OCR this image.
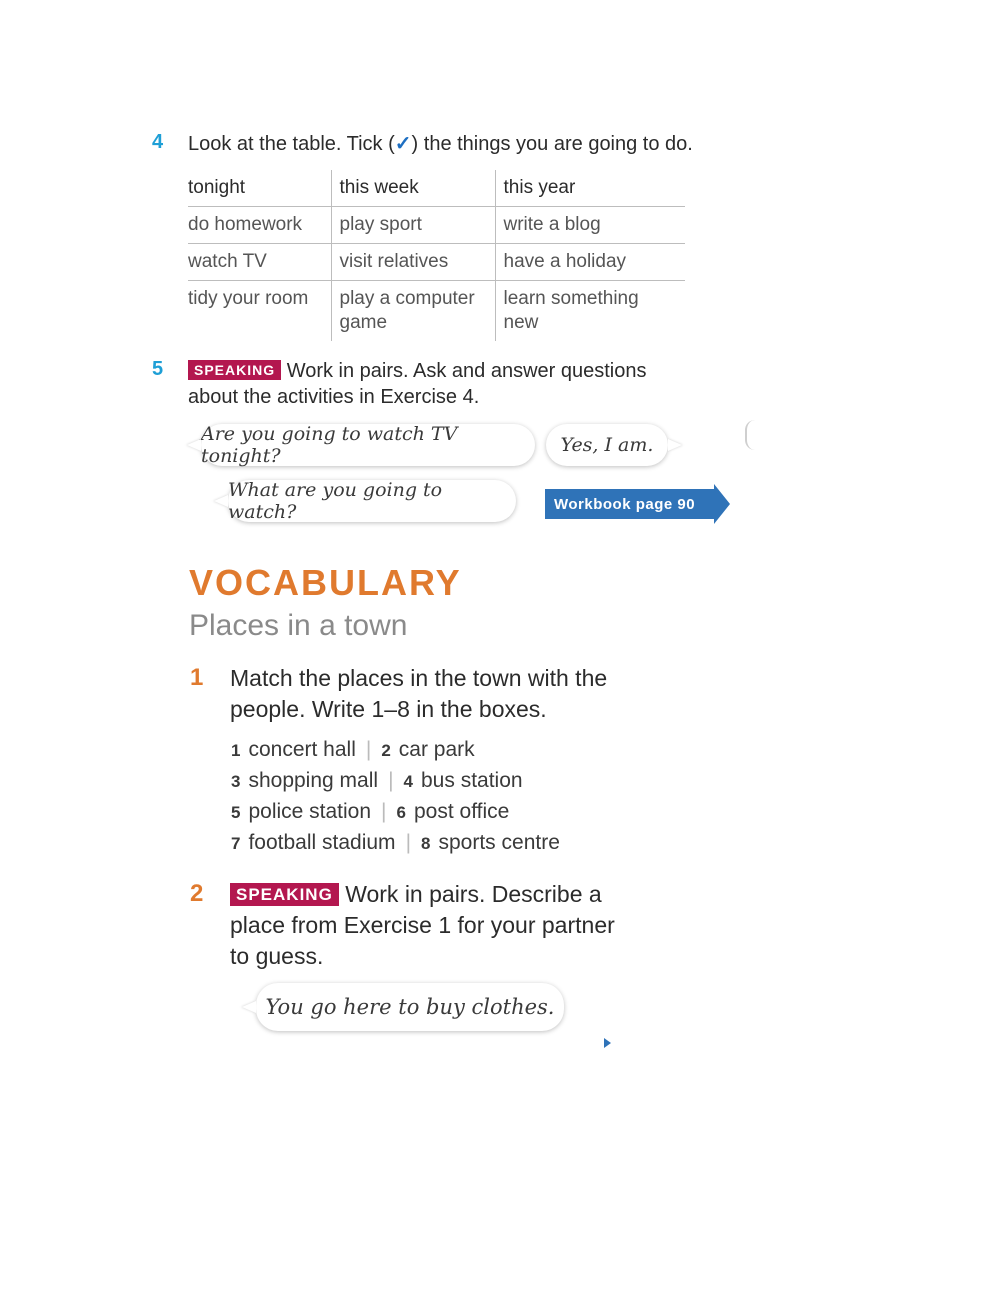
4 Look at the table. Tick (✓) the things you are going to do.
tonight	this week	this year
do homework	play sport	write a blog
watch TV	visit relatives	have a holiday
tidy your room	play a computer game	learn something new
5	SPEAKING Work in pairs. Ask and answer questions about the activities in Exercise 4.
Are you going to watch TV tonight?	Yes, I am.
What are you going to watch?	Workbook page 90
VOCABULARY
Places in a town
1 Match the places in the town with the people. Write 1–8 in the boxes.
1 concert hall | 2 car park
3 shopping mall | 4 bus station
5 police station | 6 post office
7 football stadium | 8 sports centre
2	SPEAKING Work in pairs. Describe a place from Exercise 1 for your partner to guess.
You go here to buy clothes.
